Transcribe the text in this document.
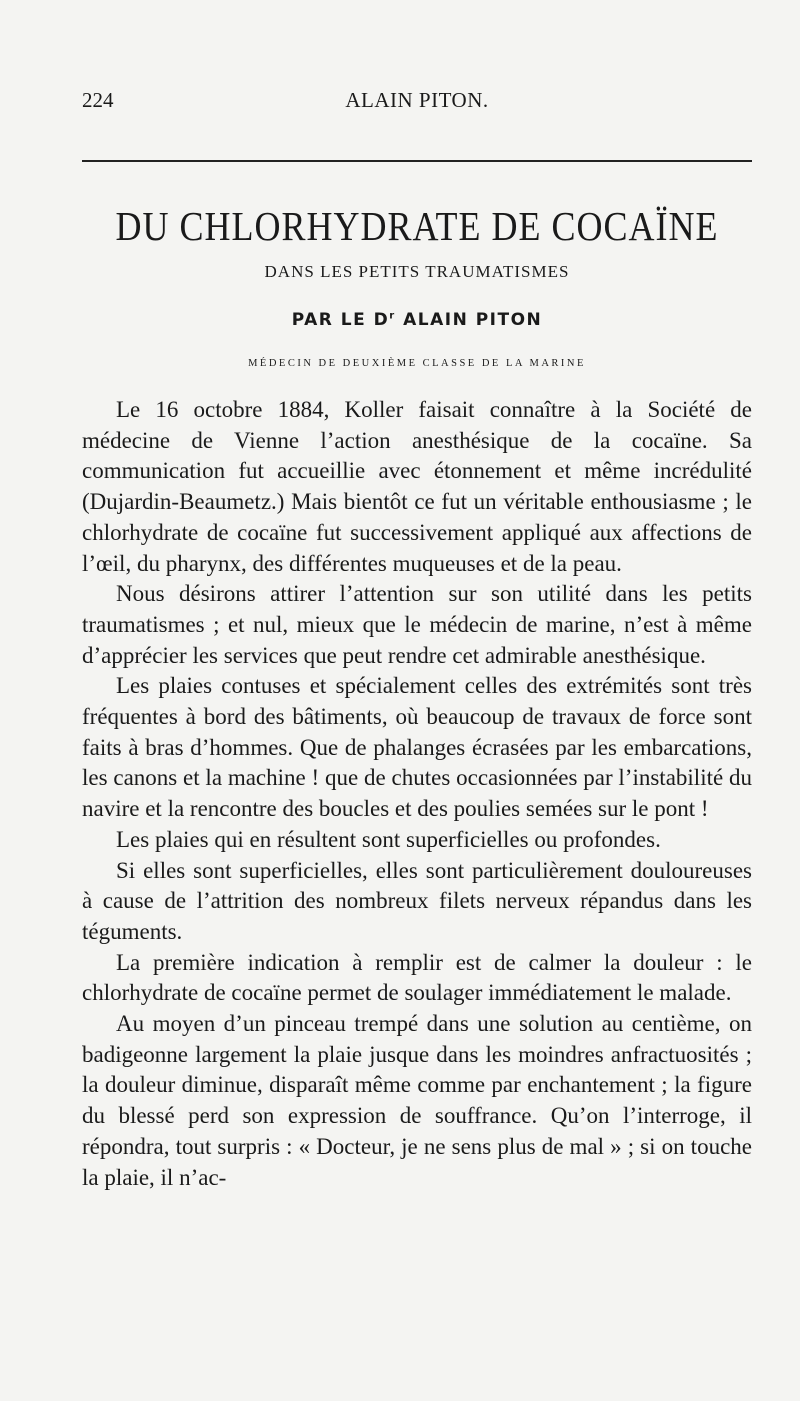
224	ALAIN PITON.
DU CHLORHYDRATE DE COCAÏNE
DANS LES PETITS TRAUMATISMES
PAR LE $D^r$ ALAIN PITON
MÉDECIN DE DEUXIÈME CLASSE DE LA MARINE

Le 16 octobre 1884, Koller faisait connaître à la Société de médecine de Vienne l’action anesthésique de la cocaïne. Sa communication fut accueillie avec étonnement et même incrédulité (Dujardin-Beaumetz.) Mais bientôt ce fut un véritable enthousiasme ; le chlorhydrate de cocaïne fut successivement appliqué aux affections de l’œil, du pharynx, des différentes muqueuses et de la peau.

Nous désirons attirer l’attention sur son utilité dans les petits traumatismes ; et nul, mieux que le médecin de marine, n’est à même d’apprécier les services que peut rendre cet admirable anesthésique.

Les plaies contuses et spécialement celles des extrémités sont très fréquentes à bord des bâtiments, où beaucoup de travaux de force sont faits à bras d’hommes. Que de phalanges écrasées par les embarcations, les canons et la machine ! que de chutes occasionnées par l’instabilité du navire et la rencontre des boucles et des poulies semées sur le pont !

Les plaies qui en résultent sont superficielles ou profondes.

Si elles sont superficielles, elles sont particulièrement douloureuses à cause de l’attrition des nombreux filets nerveux répandus dans les téguments.

La première indication à remplir est de calmer la douleur : le chlorhydrate de cocaïne permet de soulager immédiatement le malade.

Au moyen d’un pinceau trempé dans une solution au centième, on badigeonne largement la plaie jusque dans les moindres anfractuosités ; la douleur diminue, disparaît même comme par enchantement ; la figure du blessé perd son expression de souffrance. Qu’on l’interroge, il répondra, tout surpris : « Docteur, je ne sens plus de mal » ; si on touche la plaie, il n’ac-
